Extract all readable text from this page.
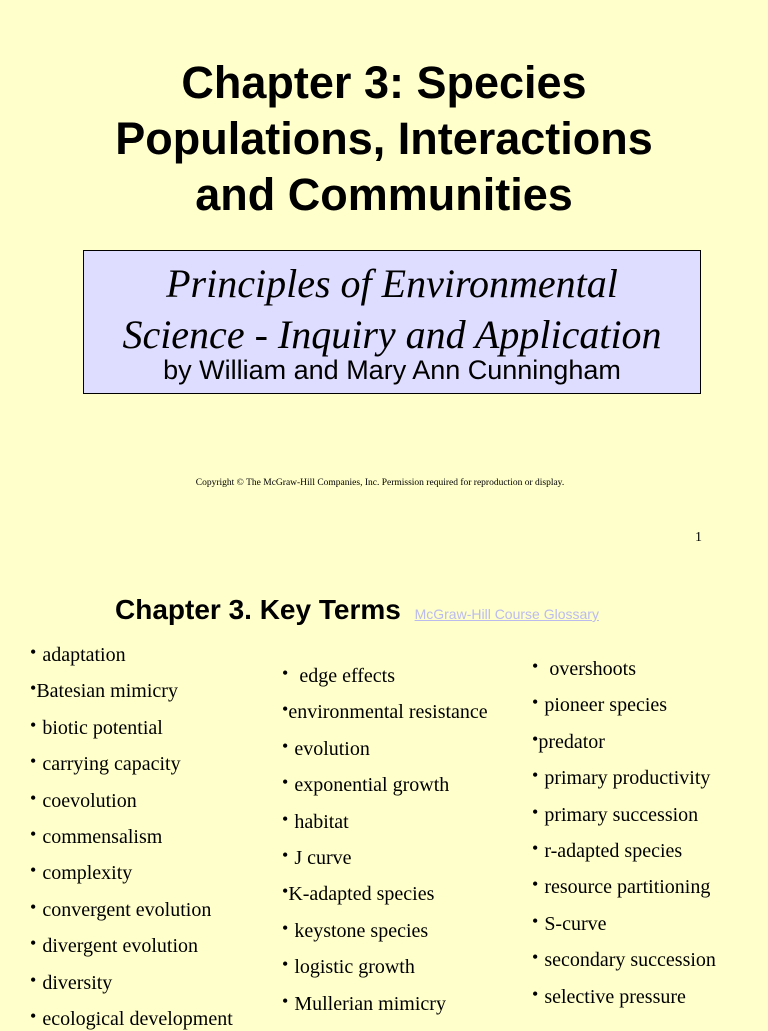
Chapter 3: Species
Populations, Interactions
and Communities
Principles of Environmental
Science - Inquiry and Application
by William and Mary Ann Cunningham
Copyright © The McGraw-Hill Companies, Inc. Permission required for reproduction or display.
1
Chapter 3. Key Terms McGraw-Hill Course Glossary
• adaptation
•Batesian mimicry
• biotic potential
• carrying capacity
• coevolution
• commensalism
• complexity
• convergent evolution
• divergent evolution
• diversity
• ecological development
• edge effects
•environmental resistance
• evolution
• exponential growth
• habitat
• J curve
•K-adapted species
• keystone species
• logistic growth
• Mullerian mimicry
• overshoots
• pioneer species
•predator
• primary productivity
• primary succession
• r-adapted species
• resource partitioning
• S-curve
• secondary succession
• selective pressure
